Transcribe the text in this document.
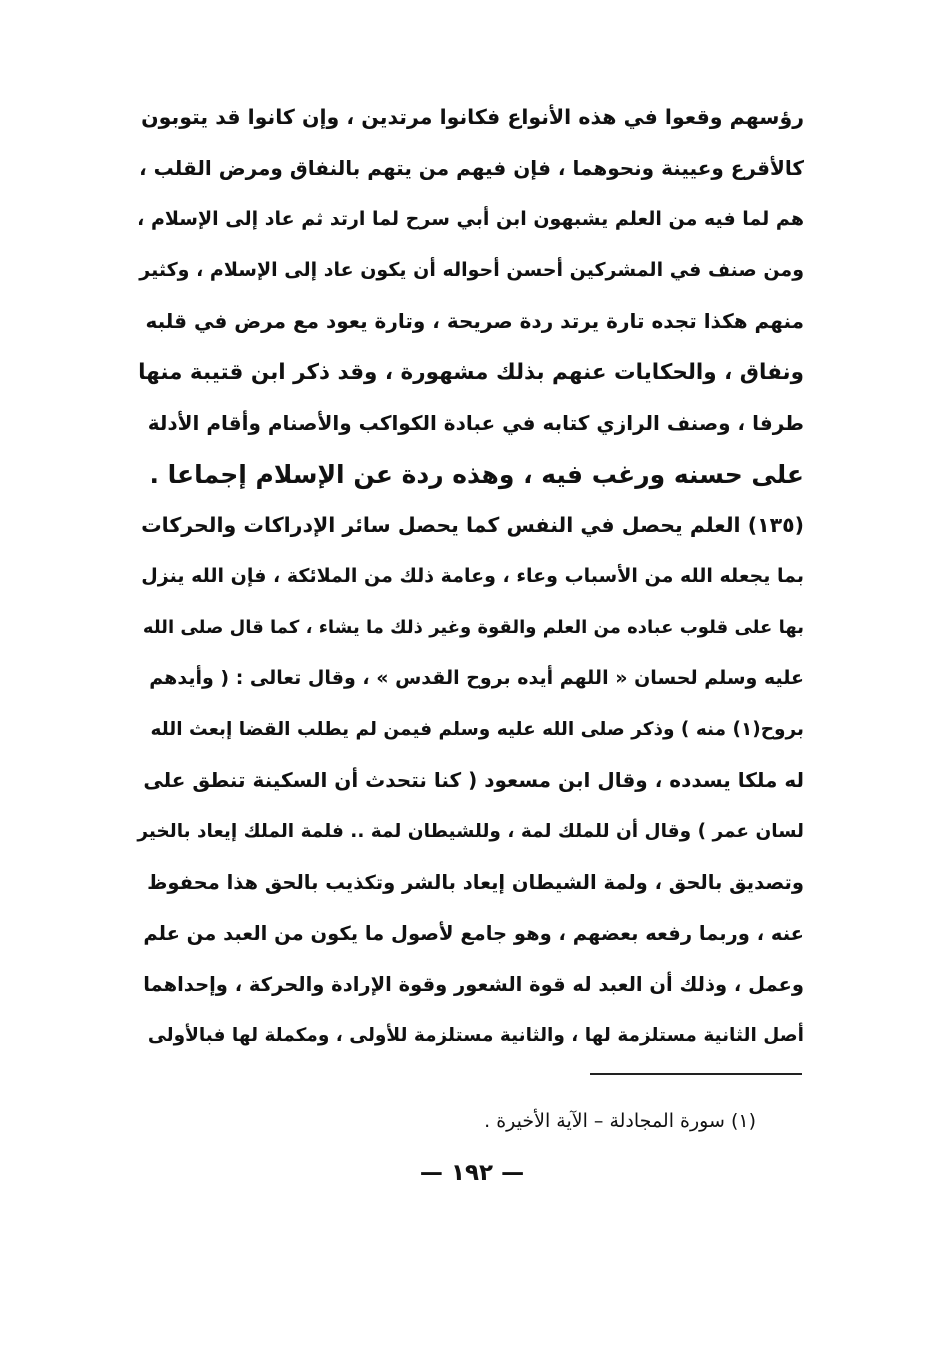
رؤسهم وقعوا في هذه الأنواع فكانوا مرتدين ، وإن كانوا قد يتوبون
كالأقرع وعيينة ونحوهما ، فإن فيهم من يتهم بالنفاق ومرض القلب ،
هم لما فيه من العلم يشبهون ابن أبي سرح لما ارتد ثم عاد إلى الإسلام ،
ومن صنف في المشركين أحسن أحواله أن يكون عاد إلى الإسلام ، وكثير
منهم هكذا تجده تارة يرتد ردة صريحة ، وتارة يعود مع مرض في قلبه
ونفاق ، والحكايات عنهم بذلك مشهورة ، وقد ذكر ابن قتيبة منها
طرفا ، وصنف الرازي كتابه في عبادة الكواكب والأصنام وأقام الأدلة
على حسنه ورغب فيه ، وهذه ردة عن الإسلام إجماعا .
(١٣٥) العلم يحصل في النفس كما يحصل سائر الإدراكات والحركات
بما يجعله الله من الأسباب وعاء ، وعامة ذلك من الملائكة ، فإن الله ينزل
بها على قلوب عباده من العلم والقوة وغير ذلك ما يشاء ، كما قال صلى الله
عليه وسلم لحسان « اللهم أيده بروح القدس » ، وقال تعالى : ( وأيدهم
بروح(١) منه ) وذكر صلى الله عليه وسلم فيمن لم يطلب القضا إبعث الله
له ملكا يسدده ، وقال ابن مسعود ( كنا نتحدث أن السكينة تنطق على
لسان عمر ) وقال أن للملك لمة ، وللشيطان لمة .. فلمة الملك إيعاد بالخير
وتصديق بالحق ، ولمة الشيطان إيعاد بالشر وتكذيب بالحق هذا محفوظ
عنه ، وربما رفعه بعضهم ، وهو جامع لأصول ما يكون من العبد من علم
وعمل ، وذلك أن العبد له قوة الشعور وقوة الإرادة والحركة ، وإحداهما
أصل الثانية مستلزمة لها ، والثانية مستلزمة للأولى ، ومكملة لها فبالأولى
(١) سورة المجادلة – الآية الأخيرة .
— ١٩٢ —
